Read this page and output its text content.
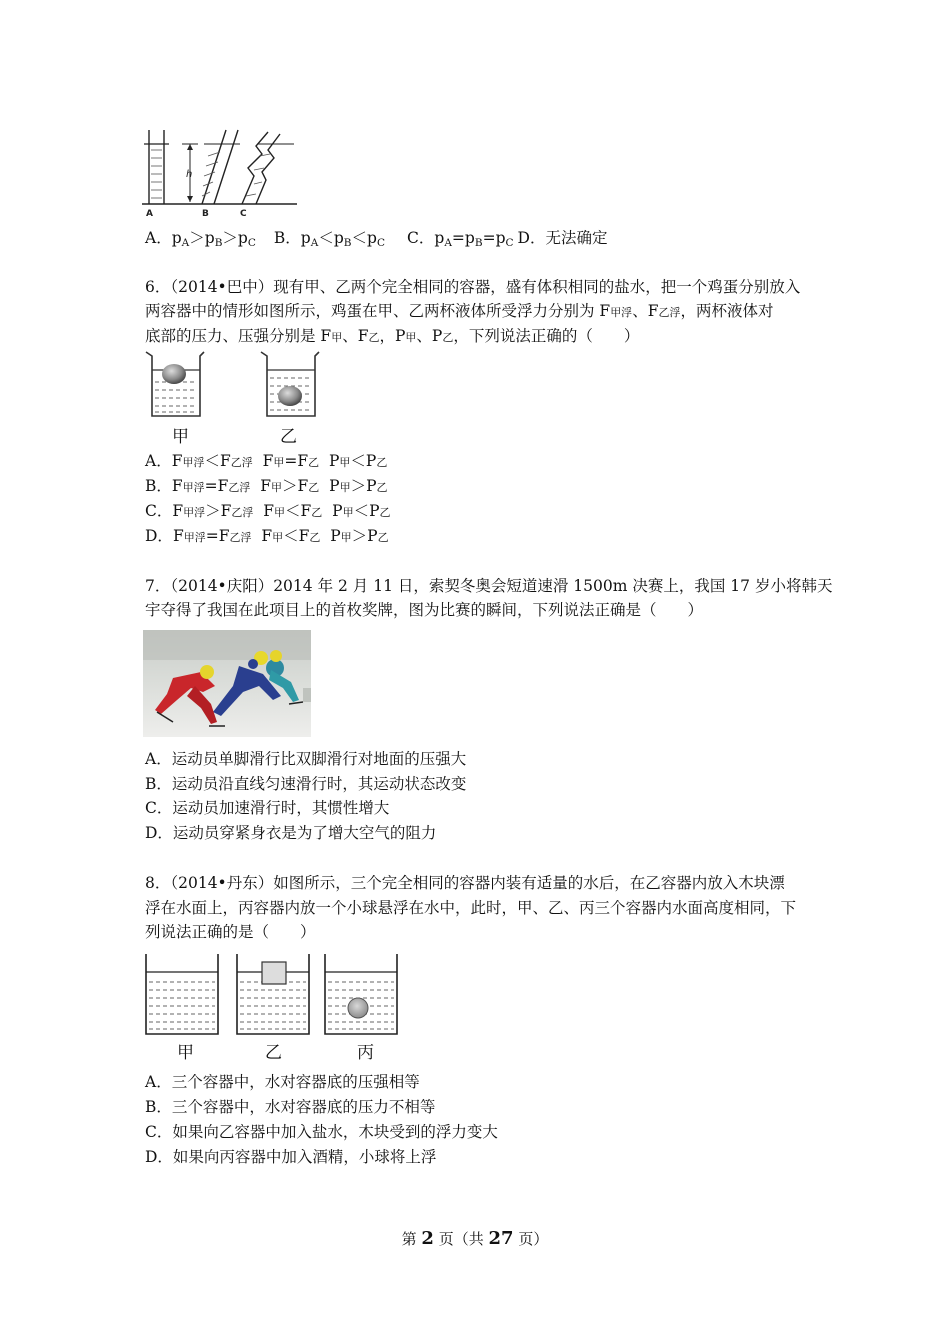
h
A	B	C
A．$p_A>p_B>p_C$ B．$p_A<p_B<p_C$ C．$p_A=p_B=p_C$ D．无法确定
6．（2014•巴中）现有甲、乙两个完全相同的容器，盛有体积相同的盐水，把一个鸡蛋分别放入
两容器中的情形如图所示，鸡蛋在甲、乙两杯液体所受浮力分别为 F甲浮、F乙浮，两杯液体对
底部的压力、压强分别是 F甲、F乙，P甲、P乙，下列说法正确的（　　）
甲	乙
A．F甲浮＜F乙浮 F甲=F乙 P甲＜P乙
B．F甲浮=F乙浮 F甲＞F乙 P甲＞P乙
C．F甲浮＞F乙浮 F甲＜F乙 P甲＜P乙
D．F甲浮=F乙浮 F甲＜F乙 P甲＞P乙
7．（2014•庆阳）2014 年 2 月 11 日，索契冬奥会短道速滑 1500m 决赛上，我国 17 岁小将韩天
宇夺得了我国在此项目上的首枚奖牌，图为比赛的瞬间，下列说法正确是（　　）
A．运动员单脚滑行比双脚滑行对地面的压强大
B．运动员沿直线匀速滑行时，其运动状态改变
C．运动员加速滑行时，其惯性增大
D．运动员穿紧身衣是为了增大空气的阻力
8．（2014•丹东）如图所示，三个完全相同的容器内装有适量的水后，在乙容器内放入木块漂
浮在水面上，丙容器内放一个小球悬浮在水中，此时，甲、乙、丙三个容器内水面高度相同，下
列说法正确的是（　　）
甲	乙	丙
A．三个容器中，水对容器底的压强相等
B．三个容器中，水对容器底的压力不相等
C．如果向乙容器中加入盐水，木块受到的浮力变大
D．如果向丙容器中加入酒精，小球将上浮
第 2 页（共 27 页）
